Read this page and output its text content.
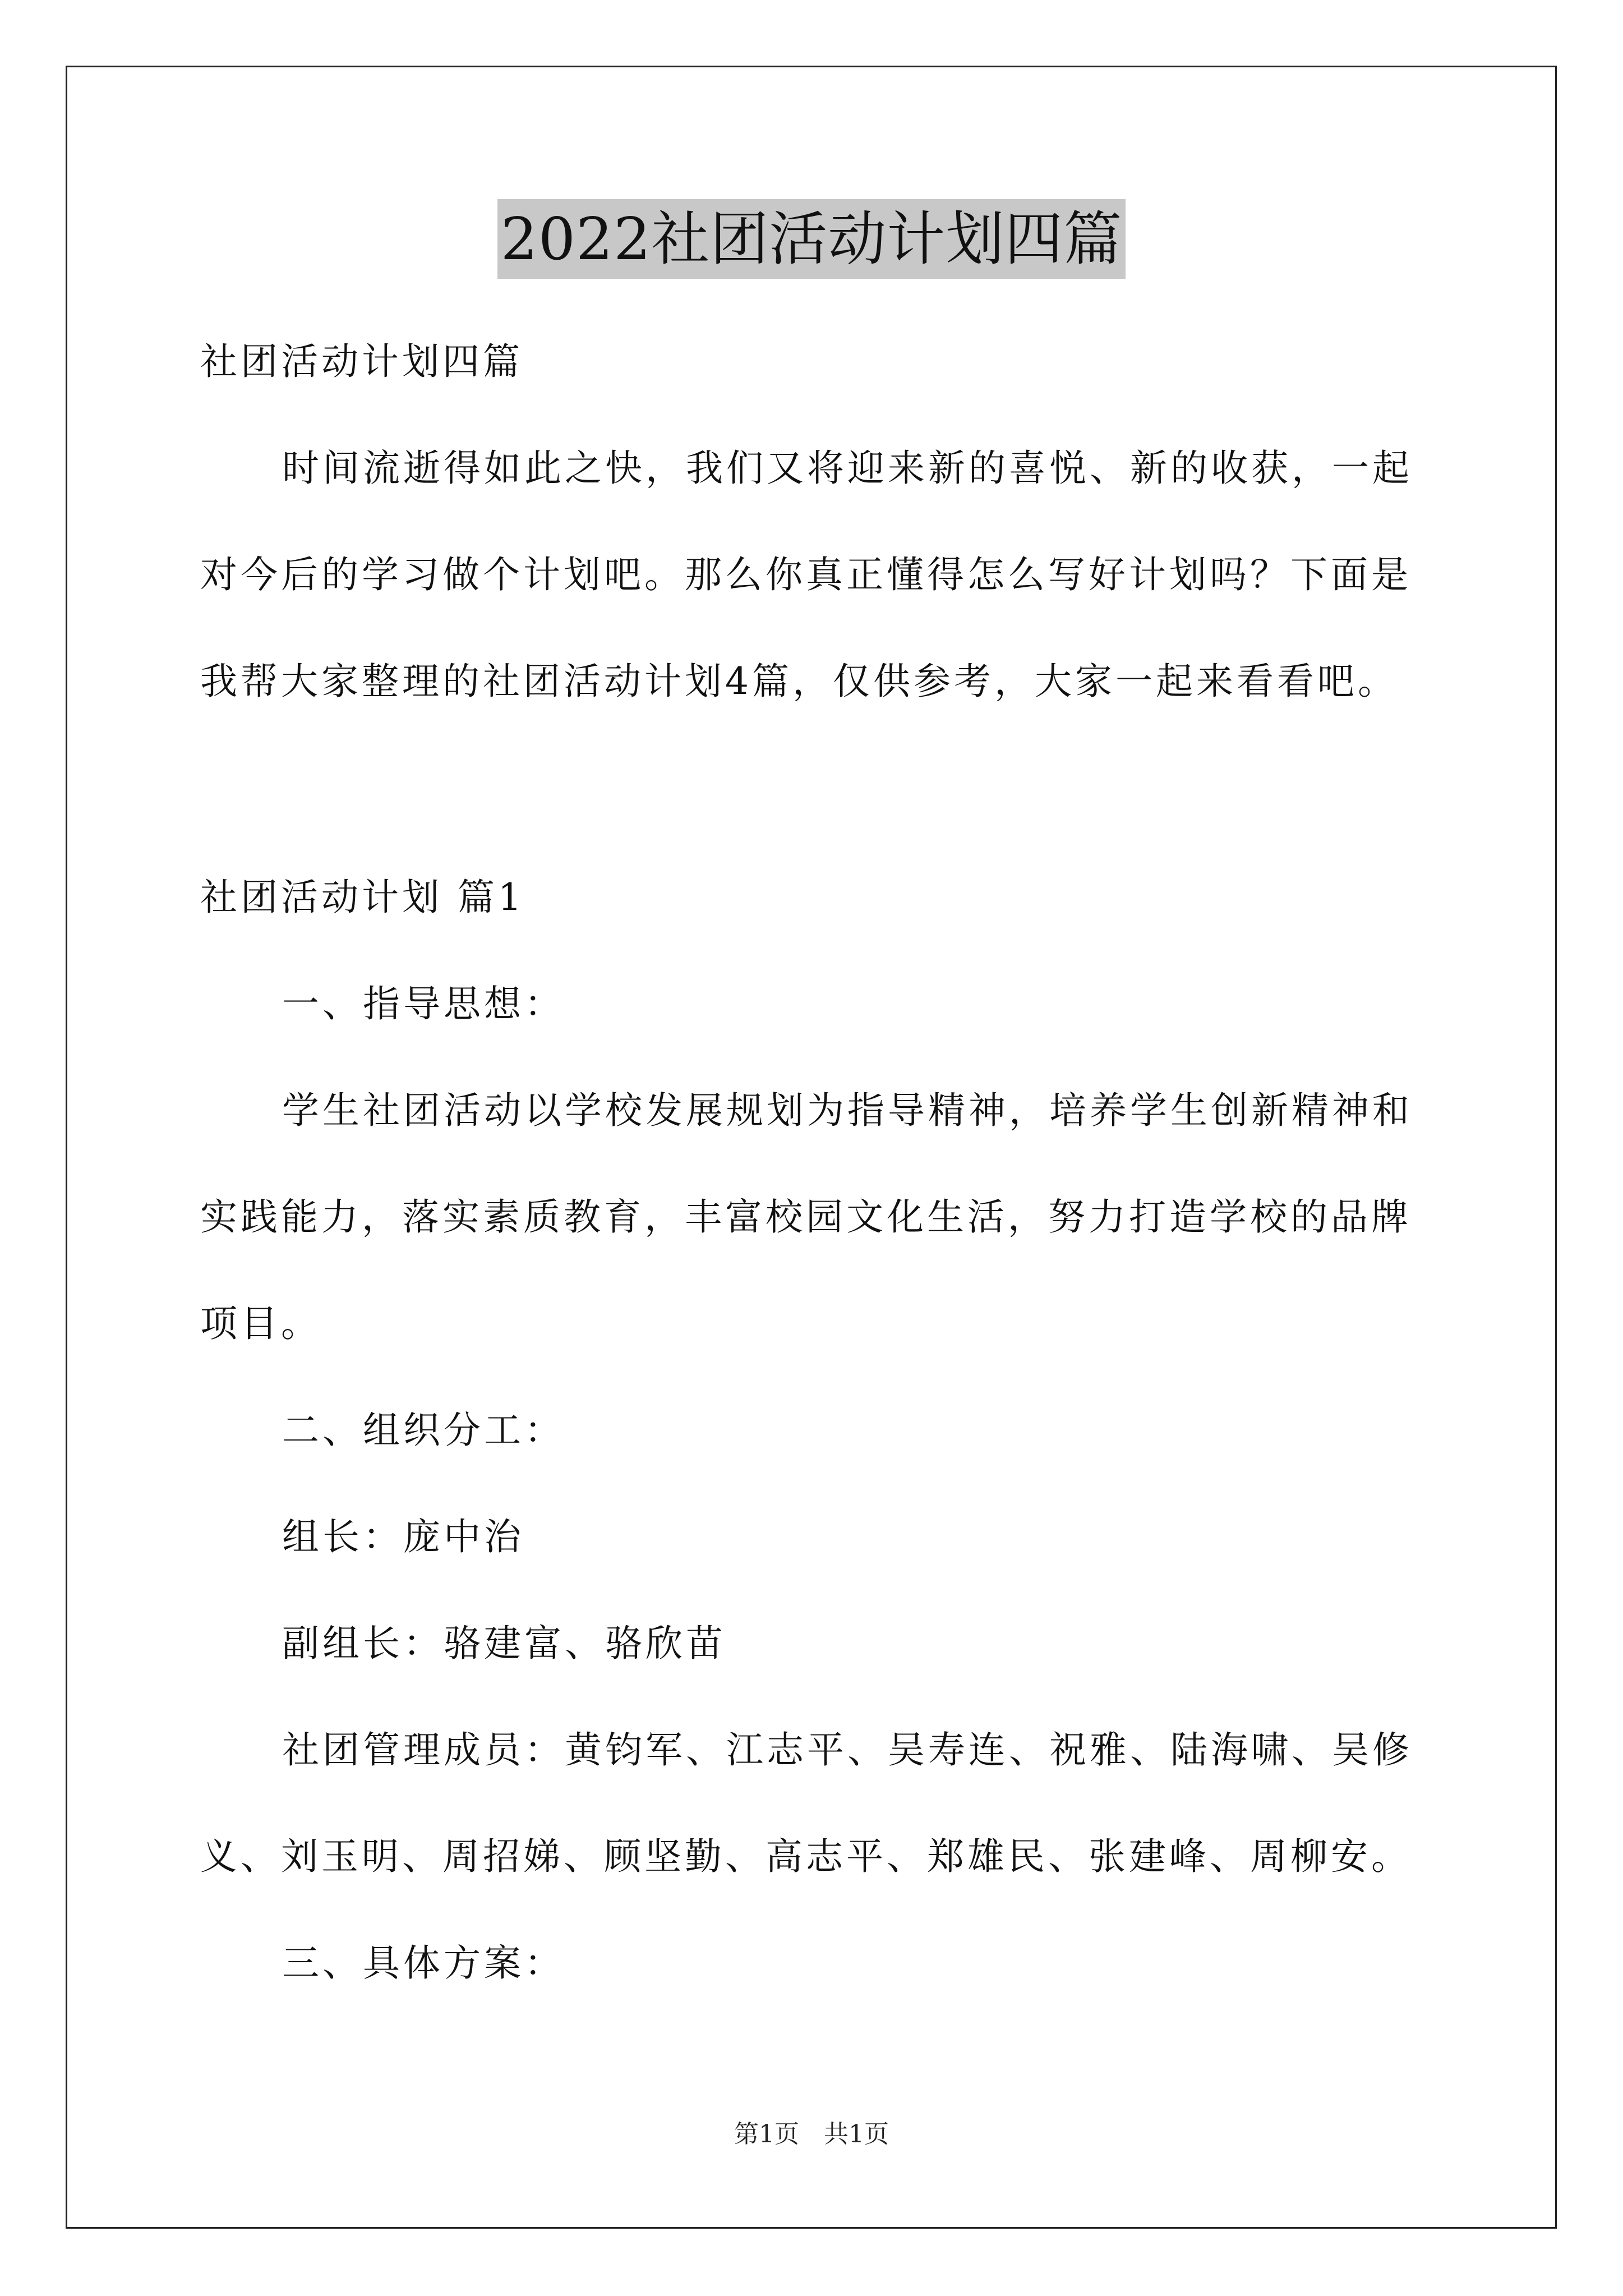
2022社团活动计划四篇
社团活动计划四篇
时间流逝得如此之快，我们又将迎来新的喜悦、新的收获，一起
对今后的学习做个计划吧。那么你真正懂得怎么写好计划吗？下面是
我帮大家整理的社团活动计划4篇，仅供参考，大家一起来看看吧。
社团活动计划 篇1
一、指导思想：
学生社团活动以学校发展规划为指导精神，培养学生创新精神和
实践能力，落实素质教育，丰富校园文化生活，努力打造学校的品牌
项目。
二、组织分工：
组长：庞中治
副组长：骆建富、骆欣苗
社团管理成员：黄钧军、江志平、吴寿连、祝雅、陆海啸、吴修
义、刘玉明、周招娣、顾坚勤、高志平、郑雄民、张建峰、周柳安。
三、具体方案：
第1页　共1页
